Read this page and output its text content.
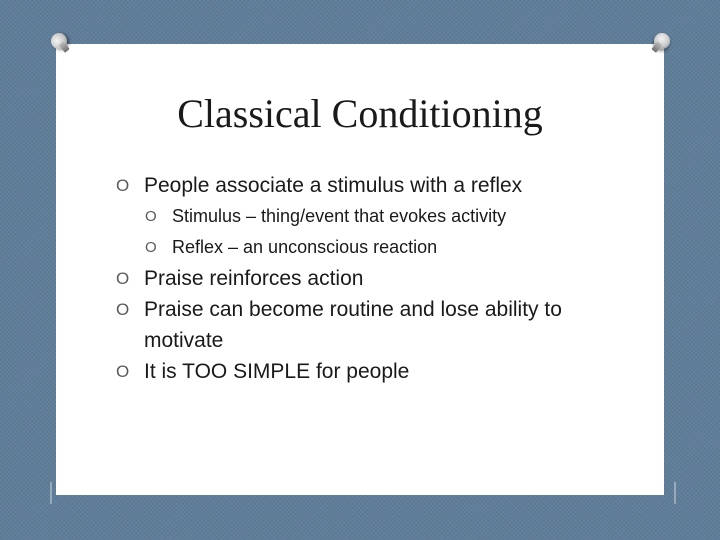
Classical Conditioning
O People associate a stimulus with a reflex
O Stimulus – thing/event that evokes activity
O Reflex – an unconscious reaction
O Praise reinforces action
O Praise can become routine and lose ability to motivate
O It is TOO SIMPLE for people
